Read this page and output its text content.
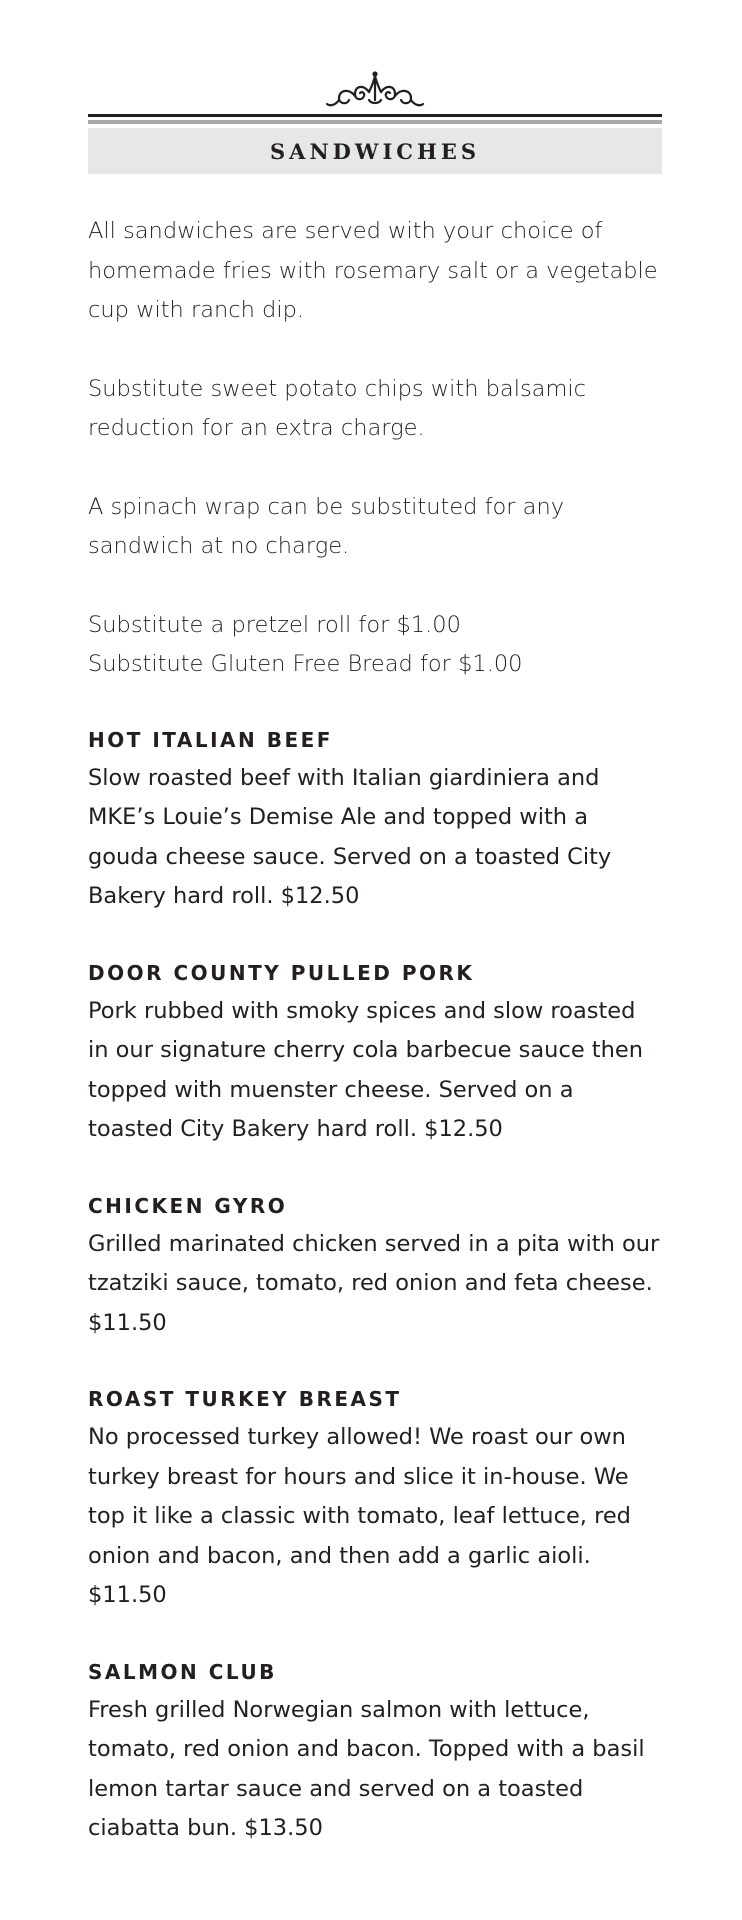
SANDWICHES

All sandwiches are served with your choice of homemade fries with rosemary salt or a vegetable cup with ranch dip.

Substitute sweet potato chips with balsamic reduction for an extra charge.

A spinach wrap can be substituted for any sandwich at no charge.

Substitute a pretzel roll for $1.00

Substitute Gluten Free Bread for $1.00

HOT ITALIAN BEEF

Slow roasted beef with Italian giardiniera and MKE’s Louie’s Demise Ale and topped with a gouda cheese sauce. Served on a toasted City Bakery hard roll. $12.50

DOOR COUNTY PULLED PORK

Pork rubbed with smoky spices and slow roasted in our signature cherry cola barbecue sauce then topped with muenster cheese. Served on a toasted City Bakery hard roll. $12.50

CHICKEN GYRO

Grilled marinated chicken served in a pita with our tzatziki sauce, tomato, red onion and feta cheese. $11.50

ROAST TURKEY BREAST

No processed turkey allowed! We roast our own turkey breast for hours and slice it in-house. We top it like a classic with tomato, leaf lettuce, red onion and bacon, and then add a garlic aioli. $11.50

SALMON CLUB

Fresh grilled Norwegian salmon with lettuce, tomato, red onion and bacon. Topped with a basil lemon tartar sauce and served on a toasted ciabatta bun. $13.50
